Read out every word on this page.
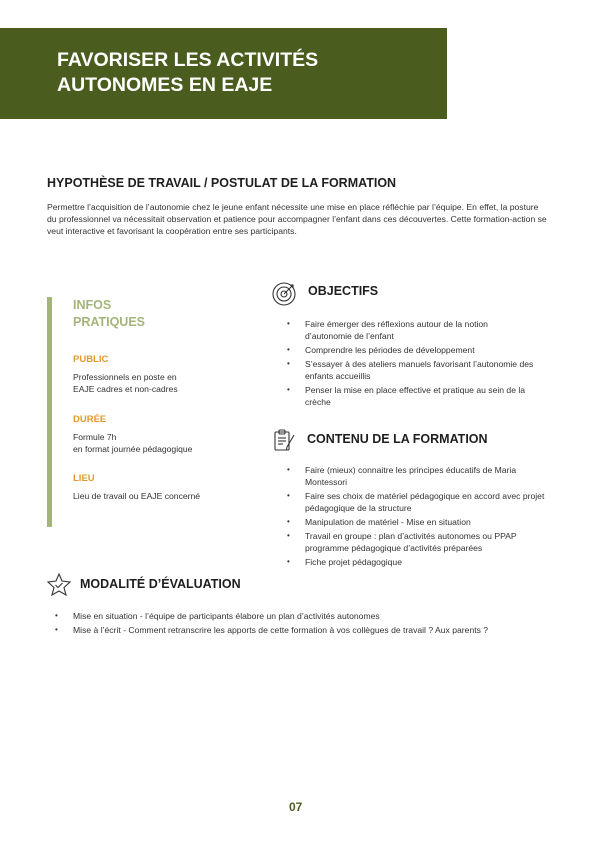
FAVORISER LES ACTIVITÉS
AUTONOMES EN EAJE
HYPOTHÈSE DE TRAVAIL / POSTULAT DE LA FORMATION

Permettre l’acquisition de l’autonomie chez le jeune enfant nécessite une mise en place réfléchie par l’équipe. En effet, la posture du professionnel va nécessitait observation et patience pour accompagner l’enfant dans ces découvertes. Cette formation-action se veut interactive et favorisant la coopération entre ses participants.

INFOS
PRATIQUES

PUBLIC

Professionnels en poste en
EAJE cadres et non-cadres

DURÉE

Formule 7h
en format journée pédagogique

LIEU

Lieu de travail ou EAJE concerné

OBJECTIFS
• Faire émerger des réflexions autour de la notion d’autonomie de l’enfant
• Comprendre les périodes de développement
• S’essayer à des ateliers manuels favorisant l’autonomie des enfants accueillis
• Penser la mise en place effective et pratique au sein de la crèche
CONTENU DE LA FORMATION
• Faire (mieux) connaitre les principes éducatifs de Maria Montessori
• Faire ses choix de matériel pédagogique en accord avec projet pédagogique de la structure
• Manipulation de matériel - Mise en situation
• Travail en groupe : plan d’activités autonomes ou PPAP programme pédagogique d’activités préparées
• Fiche projet pédagogique
MODALITÉ D’ÉVALUATION
• Mise en situation - l’équipe de participants élabore un plan d’activités autonomes
• Mise à l’écrit - Comment retranscrire les apports de cette formation à vos collègues de travail ? Aux parents ?

07
